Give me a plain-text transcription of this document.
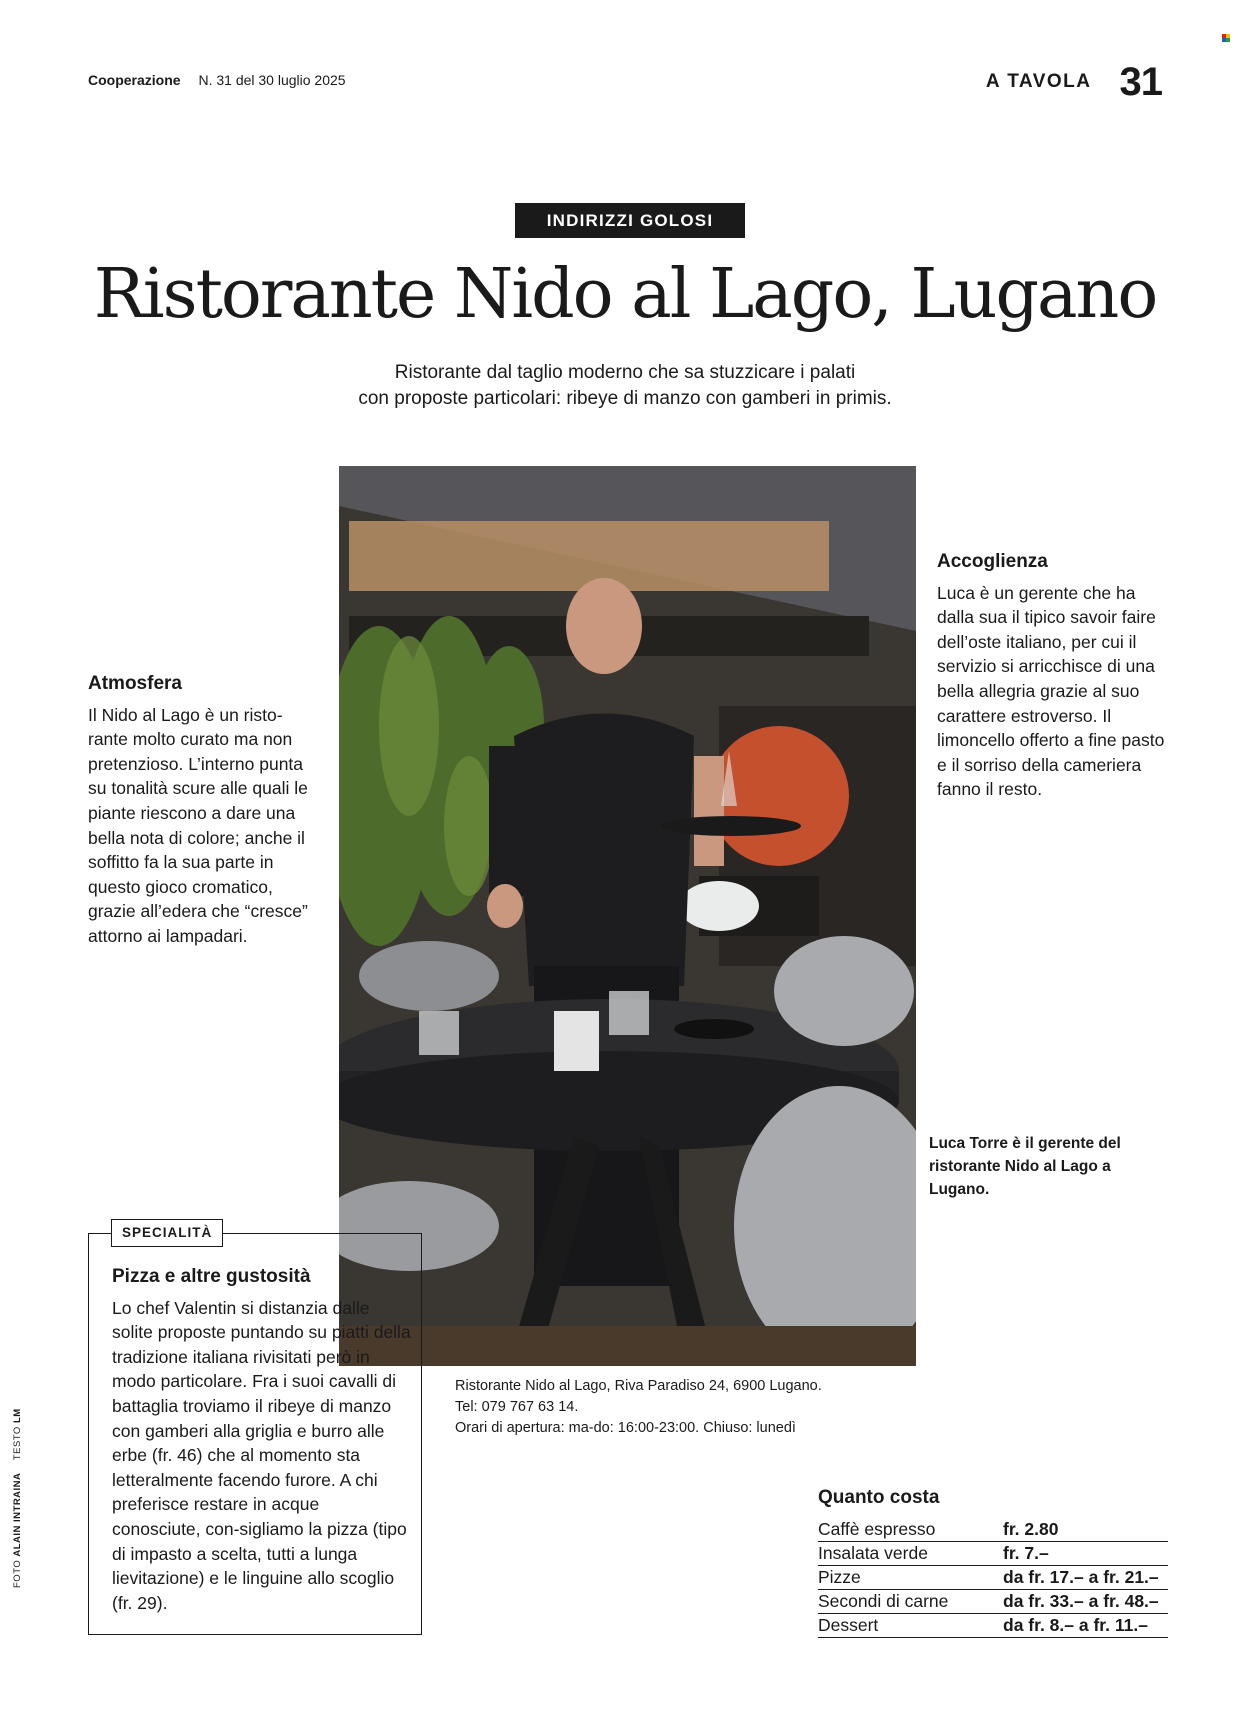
Cooperazione N. 31 del 30 luglio 2025	A TAVOLA 31
INDIRIZZI GOLOSI
Ristorante Nido al Lago, Lugano
Ristorante dal taglio moderno che sa stuzzicare i palati
con proposte particolari: ribeye di manzo con gamberi in primis.
Atmosfera

Il Nido al Lago è un risto-rante molto curato ma non pretenzioso. L’interno punta su tonalità scure alle quali le piante riescono a dare una bella nota di colore; anche il soffitto fa la sua parte in questo gioco cromatico, grazie all’edera che “cresce” attorno ai lampadari.

Accoglienza

Luca è un gerente che ha dalla sua il tipico savoir faire dell’oste italiano, per cui il servizio si arricchisce di una bella allegria grazie al suo carattere estroverso. Il limoncello offerto a fine pasto e il sorriso della cameriera fanno il resto.

Luca Torre è il gerente del ristorante Nido al Lago a Lugano.
SPECIALITÀ
Pizza e altre gustosità

Lo chef Valentin si distanzia dalle solite proposte puntando su piatti della tradizione italiana rivisitati però in modo particolare. Fra i suoi cavalli di battaglia troviamo il ribeye di manzo con gamberi alla griglia e burro alle erbe (fr. 46) che al momento sta letteralmente facendo furore. A chi preferisce restare in acque conosciute, con-sigliamo la pizza (tipo di impasto a scelta, tutti a lunga lievitazione) e le linguine allo scoglio (fr. 29).

Ristorante Nido al Lago, Riva Paradiso 24, 6900 Lugano.
Tel: 079 767 63 14.
Orari di apertura: ma-do: 16:00-23:00. Chiuso: lunedì
Quanto costa
Caffè espresso	fr. 2.80
Insalata verde	fr. 7.–
Pizze	da fr. 17.– a fr. 21.–
Secondi di carne	da fr. 33.– a fr. 48.–
Dessert	da fr. 8.– a fr. 11.–
FOTO ALAIN INTRAINA    TESTO LM
